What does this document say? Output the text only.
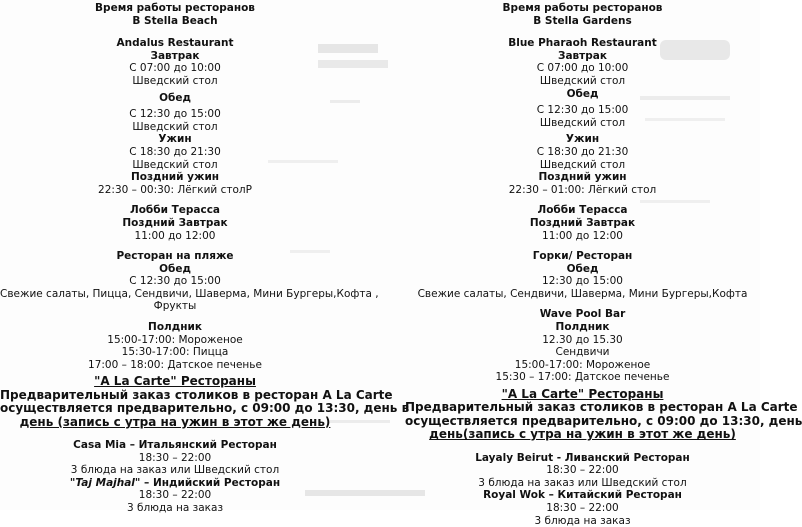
Время работы ресторанов
В Stella Beach
Andalus Restaurant
Завтрак
С 07:00 до 10:00
Шведский стол
Обед
С 12:30 до 15:00
Шведский стол
Ужин
С 18:30 до 21:30
Шведский стол
Поздний ужин
22:30 – 00:30: Лёгкий столР
Лобби Терасса
Поздний Завтрак
11:00 до 12:00
Ресторан на пляже
Обед
С 12:30 до 15:00
Свежие салаты, Пицца, Сендвичи, Шаверма, Мини Бургеры,Кофта ,
Фрукты
Полдник
15:00-17:00: Мороженое
15:30-17:00: Пицца
17:00 – 18:00: Датское печенье
"A La Carte" Рестораны
Предварительный заказ столиков в ресторан A La Carte
осуществляется предварительно, с 09:00 до 13:30, день в
день (запись с утра на ужин в этот же день)
Casa Mia – Итальянский Ресторан
18:30 – 22:00
3 блюда на заказ или Шведский стол
"Taj Majhal" – Индийский Ресторан
18:30 – 22:00
3 блюда на заказ
Время работы ресторанов
В Stella Gardens
Blue Pharaoh Restaurant
Завтрак
С 07:00 до 10:00
Шведский стол
Обед
С 12:30 до 15:00
Шведский стол
Ужин
С 18:30 до 21:30
Шведский стол
Поздний ужин
22:30 – 01:00: Лёгкий стол
Лобби Терасса
Поздний Завтрак
11:00 до 12:00
Горки/ Ресторан
Обед
12:30 до 15:00
Свежие салаты, Сендвичи, Шаверма, Мини Бургеры,Кофта
Wave Pool Bar
Полдник
12.30 до 15.30
Сендвичи
15:00-17:00: Мороженое
15:30 – 17:00: Датское печенье
"A La Carte" Рестораны
Предварительный заказ столиков в ресторан A La Carte
осуществляется предварительно, с 09:00 до 13:30, день
день(запись с утра на ужин в этот же день)
Layaly Beirut - Ливанский Ресторан
18:30 – 22:00
3 блюда на заказ или Шведский стол
Royal Wok – Китайский Ресторан
18:30 – 22:00
3 блюда на заказ
